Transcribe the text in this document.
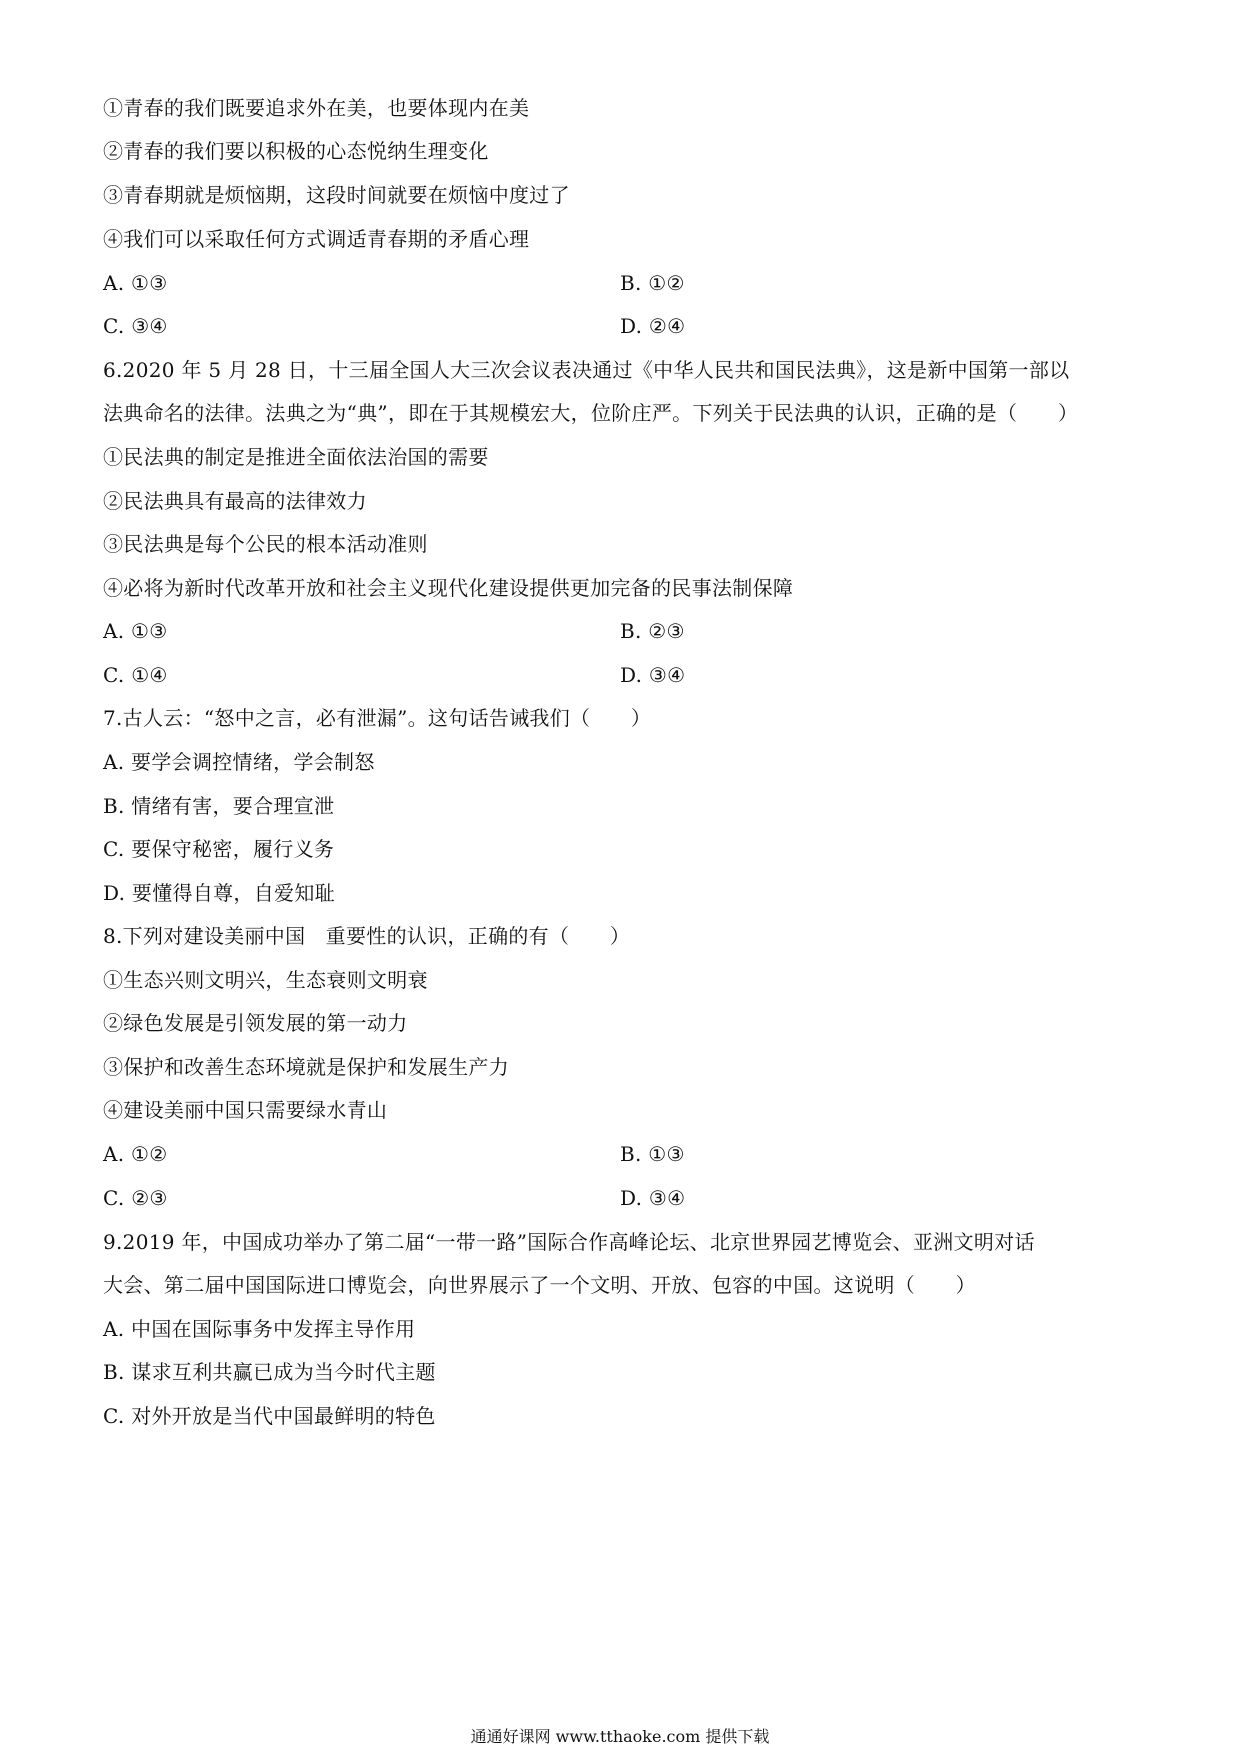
①青春的我们既要追求外在美，也要体现内在美
②青春的我们要以积极的心态悦纳生理变化
③青春期就是烦恼期，这段时间就要在烦恼中度过了
④我们可以采取任何方式调适青春期的矛盾心理
A. ①③	B. ①②
C. ③④	D. ②④
6.2020 年 5 月 28 日，十三届全国人大三次会议表决通过《中华人民共和国民法典》，这是新中国第一部以
法典命名的法律。法典之为“典”，即在于其规模宏大，位阶庄严。下列关于民法典的认识，正确的是（　　）
①民法典的制定是推进全面依法治国的需要
②民法典具有最高的法律效力
③民法典是每个公民的根本活动准则
④必将为新时代改革开放和社会主义现代化建设提供更加完备的民事法制保障
A. ①③	B. ②③
C. ①④	D. ③④
7.古人云：“怒中之言，必有泄漏”。这句话告诫我们（　　）
A. 要学会调控情绪，学会制怒
B. 情绪有害，要合理宣泄
C. 要保守秘密，履行义务
D. 要懂得自尊，自爱知耻
8.下列对建设美丽中国　重要性的认识，正确的有（　　）
①生态兴则文明兴，生态衰则文明衰
②绿色发展是引领发展的第一动力
③保护和改善生态环境就是保护和发展生产力
④建设美丽中国只需要绿水青山
A. ①②	B. ①③
C. ②③	D. ③④
9.2019 年，中国成功举办了第二届“一带一路”国际合作高峰论坛、北京世界园艺博览会、亚洲文明对话
大会、第二届中国国际进口博览会，向世界展示了一个文明、开放、包容的中国。这说明（　　）
A. 中国在国际事务中发挥主导作用
B. 谋求互利共赢已成为当今时代主题
C. 对外开放是当代中国最鲜明的特色
通通好课网 www.tthaoke.com 提供下载
